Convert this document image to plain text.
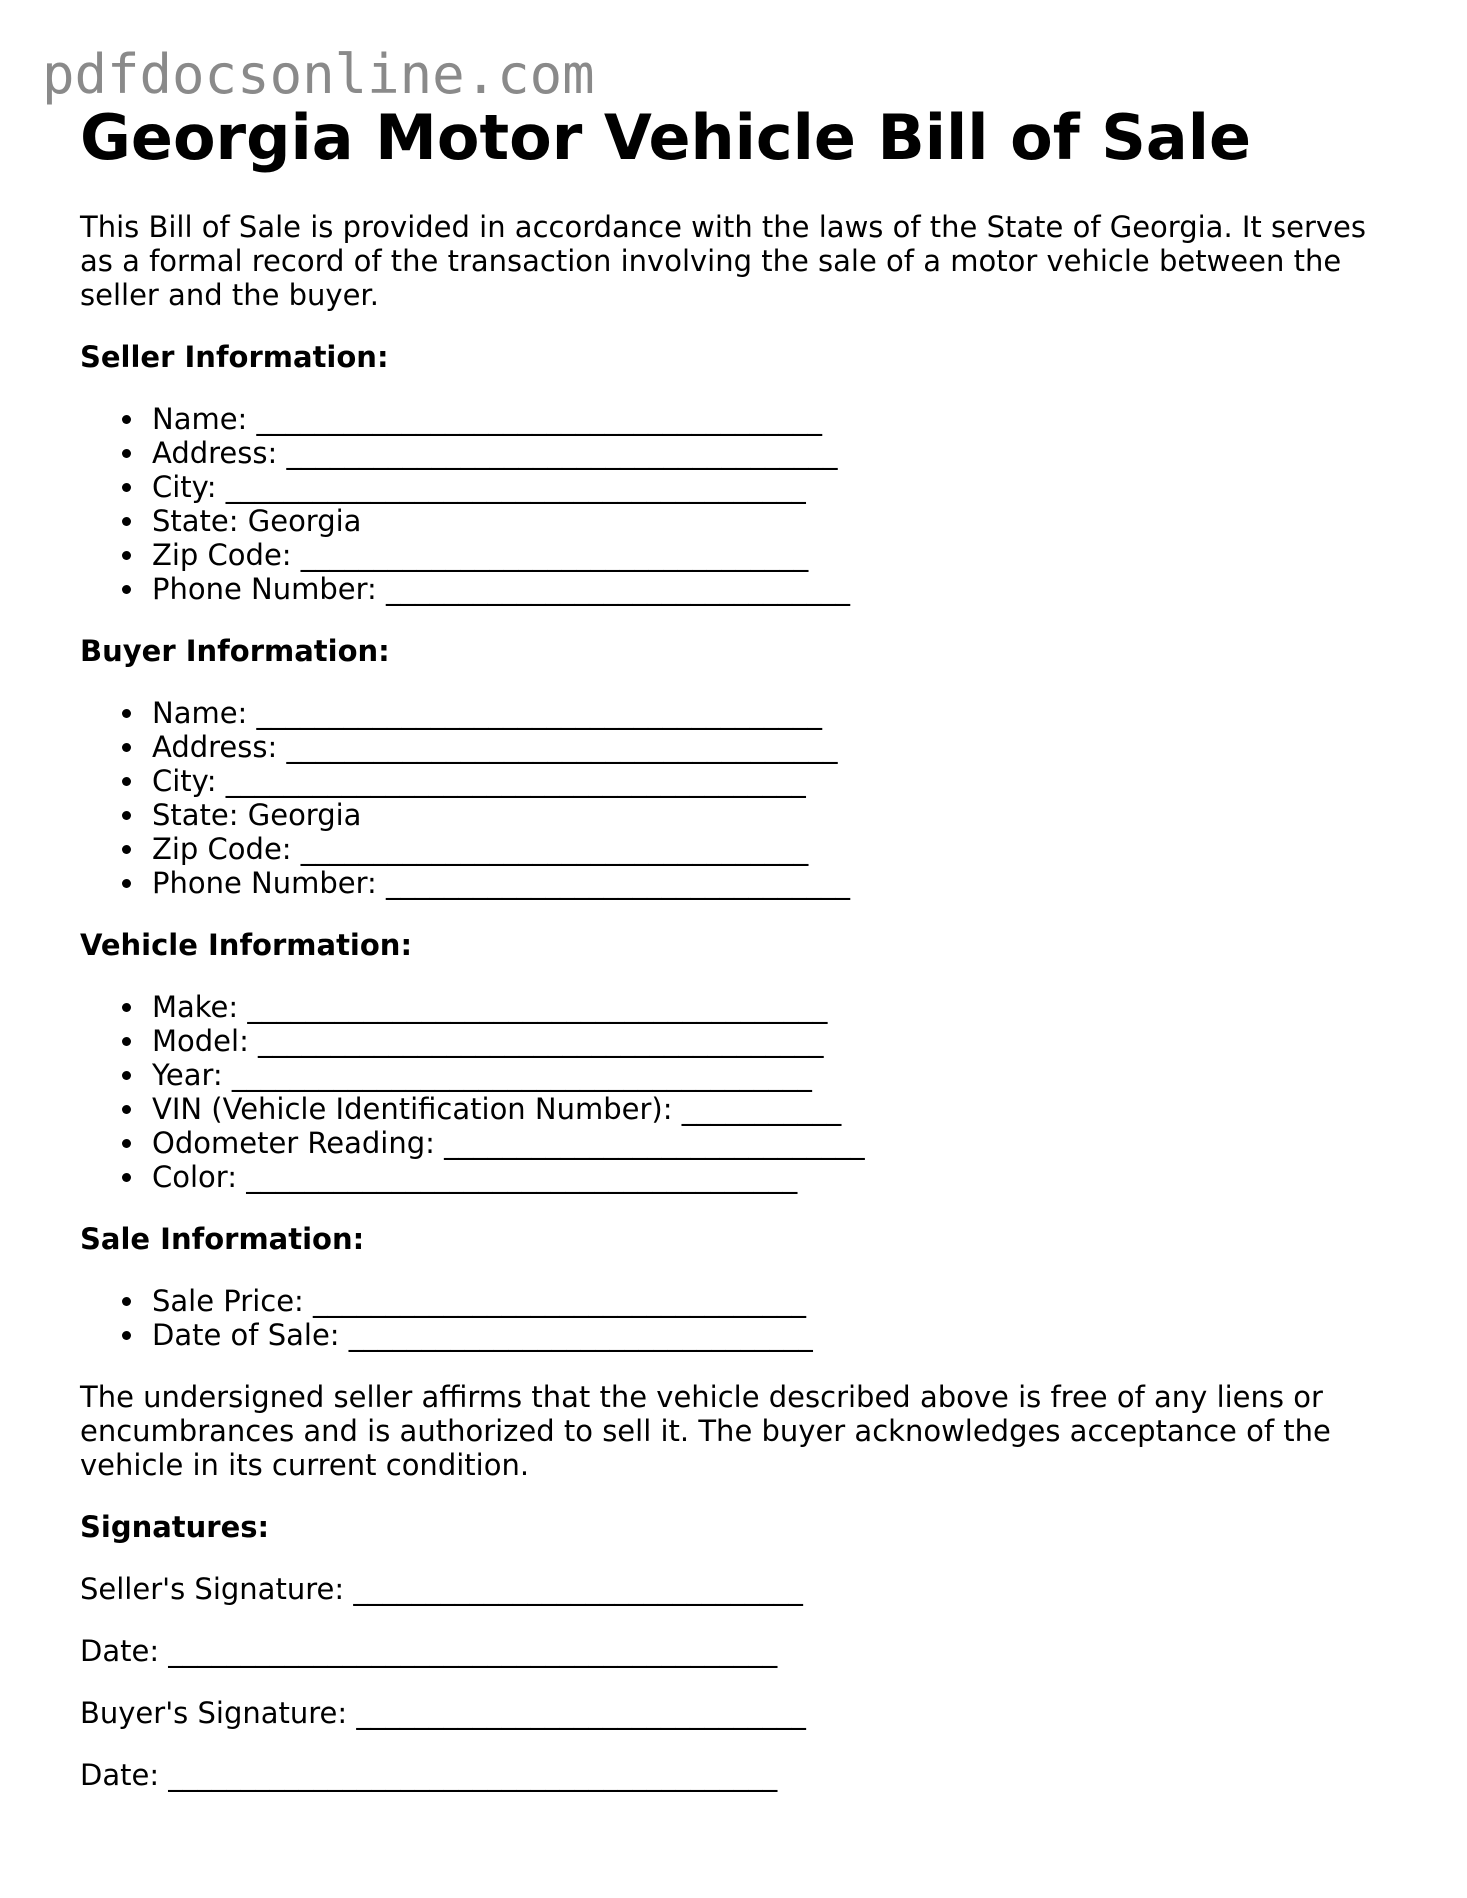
pdfdocsonline.com
Georgia Motor Vehicle Bill of Sale

This Bill of Sale is provided in accordance with the laws of the State of Georgia. It serves as a formal record of the transaction involving the sale of a motor vehicle between the seller and the buyer.

Seller Information:
Name: _______________________________________
Address: ______________________________________
City: ________________________________________
State: Georgia
Zip Code: ___________________________________
Phone Number: ________________________________
Buyer Information:
Name: _______________________________________
Address: ______________________________________
City: ________________________________________
State: Georgia
Zip Code: ___________________________________
Phone Number: ________________________________
Vehicle Information:
Make: ________________________________________
Model: _______________________________________
Year: ________________________________________
VIN (Vehicle Identification Number): ___________
Odometer Reading: _____________________________
Color: ______________________________________
Sale Information:
Sale Price: __________________________________
Date of Sale: ________________________________

The undersigned seller affirms that the vehicle described above is free of any liens or encumbrances and is authorized to sell it. The buyer acknowledges acceptance of the vehicle in its current condition.

Signatures:
Seller's Signature: _______________________________
Date: __________________________________________
Buyer's Signature: _______________________________
Date: __________________________________________
